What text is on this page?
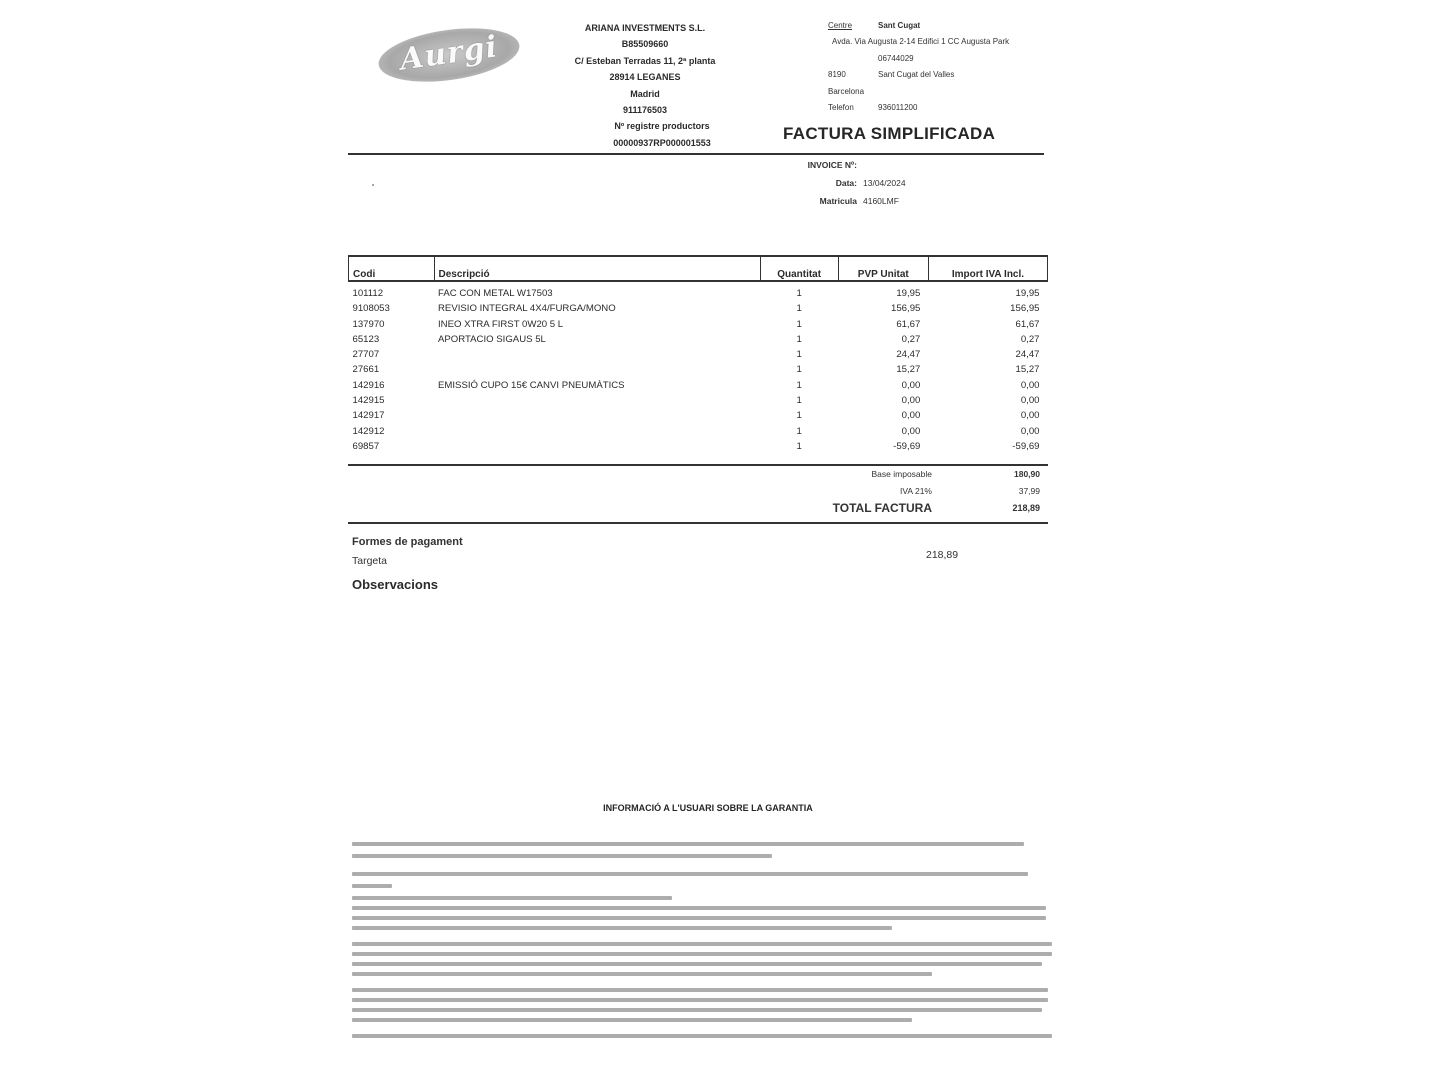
Aurgi
ARIANA INVESTMENTS S.L.
B85509660
C/ Esteban Terradas 11, 2ª planta
28914 LEGANES
Madrid
911176503
Nº registre productors
00000937RP000001553
Centre	Sant Cugat
Avda. Via Augusta 2-14 Edifici 1 CC Augusta Park
06744029
8190	Sant Cugat del Valles
Barcelona
Telefon	936011200
FACTURA SIMPLIFICADA
INVOICE Nº:
Data: 13/04/2024
Matricula 4160LMF
Codi	Descripció	Quantitat	PVP Unitat	Import IVA Incl.
101112	FAC CON METAL W17503	1	19,95	19,95
9108053	REVISIO INTEGRAL 4X4/FURGA/MONO	1	156,95	156,95
137970	INEO XTRA FIRST 0W20 5 L	1	61,67	61,67
65123	APORTACIO SIGAUS 5L	1	0,27	0,27
27707		1	24,47	24,47
27661		1	15,27	15,27
142916	EMISSIÓ CUPO 15€ CANVI PNEUMÀTICS	1	0,00	0,00
142915		1	0,00	0,00
142917		1	0,00	0,00
142912		1	0,00	0,00
69857		1	-59,69	-59,69
Base imposable	180,90
IVA 21%	37,99
TOTAL FACTURA	218,89
Formes de pagament
Targeta	218,89
Observacions
INFORMACIÓ A L'USUARI SOBRE LA GARANTIA
